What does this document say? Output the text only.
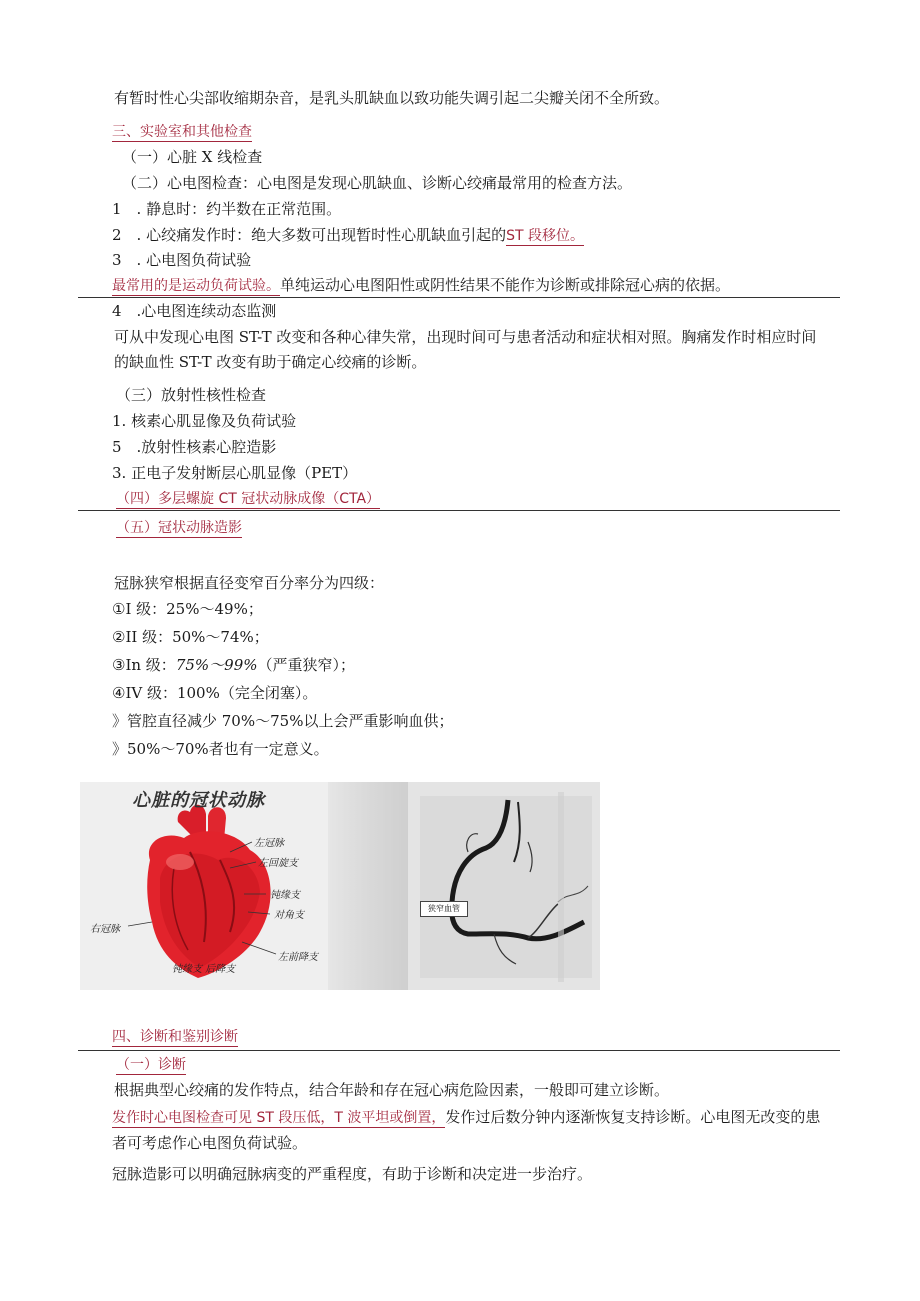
有暂时性心尖部收缩期杂音，是乳头肌缺血以致功能失调引起二尖瓣关闭不全所致。
三、实验室和其他检查
（一）心脏 X 线检查
（二）心电图检查：心电图是发现心肌缺血、诊断心绞痛最常用的检查方法。
1　. 静息时：约半数在正常范围。
2　. 心绞痛发作时：绝大多数可出现暂时性心肌缺血引起的ST 段移位。
3　. 心电图负荷试验
最常用的是运动负荷试验。单纯运动心电图阳性或阴性结果不能作为诊断或排除冠心病的依据。
4　.心电图连续动态监测
可从中发现心电图 ST-T 改变和各种心律失常，出现时间可与患者活动和症状相对照。胸痛发作时相应时间
的缺血性 ST-T 改变有助于确定心绞痛的诊断。
（三）放射性核性检查
1. 核素心肌显像及负荷试验
5　.放射性核素心腔造影
3. 正电子发射断层心肌显像（PET）
（四）多层螺旋 CT 冠状动脉成像（CTA）
（五）冠状动脉造影
冠脉狭窄根据直径变窄百分率分为四级：
①I 级：25%〜49%；
②II 级：50%〜74%；
③In 级：75%〜99%（严重狭窄）；
④IV 级：100%（完全闭塞）。
》管腔直径减少 70%〜75%以上会严重影响血供；
》50%〜70%者也有一定意义。
心脏的冠状动脉
左冠脉
左回旋支
钝缘支
对角支
右冠脉
左前降支
钝缘支 后降支
狭窄血管
四、诊断和鉴别诊断
（一）诊断
根据典型心绞痛的发作特点，结合年龄和存在冠心病危险因素，一般即可建立诊断。
发作时心电图检查可见 ST 段压低，T 波平坦或倒置，发作过后数分钟内逐渐恢复支持诊断。心电图无改变的患
者可考虑作心电图负荷试验。
冠脉造影可以明确冠脉病变的严重程度，有助于诊断和决定进一步治疗。
